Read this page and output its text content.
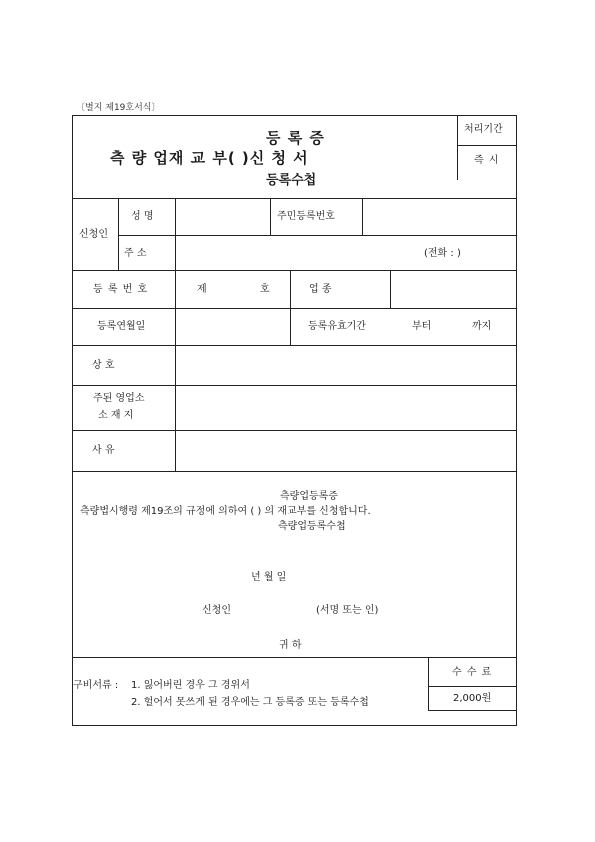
〔별지 제19호서식〕
처리기간
즉 시
등 록 증
측 량 업재 교 부( )신 청 서
등록수첩
신청인
성 명	주민등록번호
주 소	(전화 : )
등 록 번 호	제	호	업 종
등록연월일	등록유효기간	부터	까지
상 호
주된 영업소
소 재 지
사 유
측량업등록증
측량법시행령 제19조의 규정에 의하여 ( ) 의 재교부를 신청합니다.
측량업등록수첩
년 월 일
신청인	(서명 또는 인)
귀 하
구비서류 : 1. 잃어버린 경우 그 경위서
2. 헐어서 못쓰게 된 경우에는 그 등록증 또는 등록수첩
수 수 료
2,000원
